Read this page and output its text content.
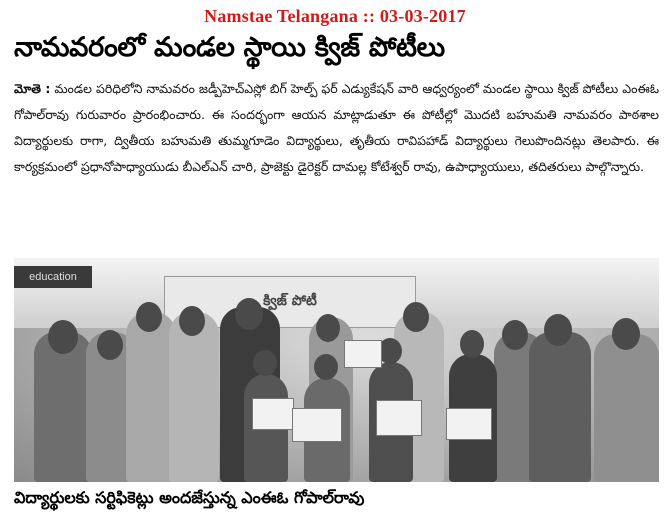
Namstae Telangana :: 03-03-2017
నామవరంలో మండల స్థాయి క్విజ్ పోటీలు
మోతె : మండల పరిధిలోని నామవరం జడ్పీహెచ్ఎస్లో బిగ్ హెల్ప్ ఫర్ ఎడ్యుకేషన్ వారి ఆధ్వర్యంలో మండల స్థాయి క్విజ్ పోటీలు ఎంఈఓ గోపాల్‌రావు గురువారం ప్రారంభించారు. ఈ సందర్భంగా ఆయన మాట్లాడుతూ ఈ పోటీల్లో మొదటి బహుమతి నామవరం పాఠశాల విద్యార్థులకు రాగా, ద్వితీయ బహుమతి తుమ్మగూడెం విద్యార్థులు, తృతీయ రావిపహాడ్ విద్యార్థులు గెలుపొందినట్లు తెలపారు. ఈ కార్యక్రమంలో ప్రధానోపాధ్యాయుడు బీఎల్ఎన్ చారి, ప్రాజెక్టు డైరెక్టర్ దామల్ల కోటేశ్వర్ రావు, ఉపాధ్యాయులు, తదితరులు పాల్గొన్నారు.
education
క్విజ్ పోటీ
విద్యార్థులకు సర్టిఫికెట్లు అందజేస్తున్న ఎంఈఓ గోపాల్‌రావు
